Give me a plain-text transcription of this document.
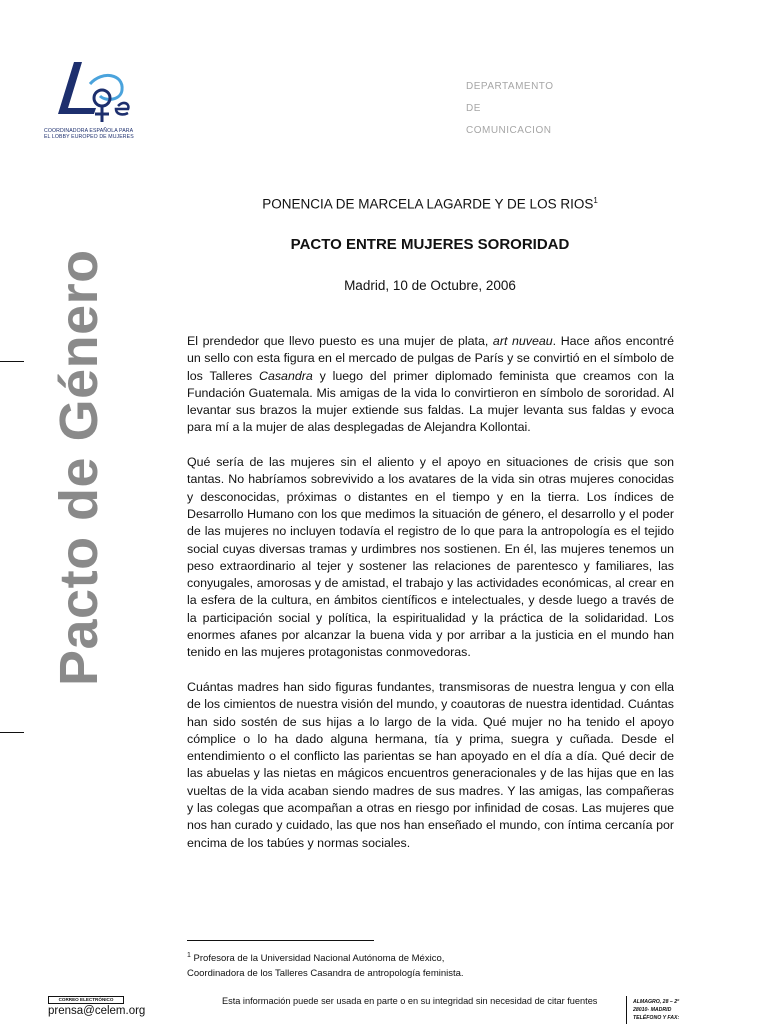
COORDINADORA ESPAÑOLA PARA
EL LOBBY EUROPEO DE MUJERES
DEPARTAMENTO
DE
COMUNICACION
Pacto de Género
PONENCIA DE MARCELA LAGARDE Y DE LOS RIOS$^1$
PACTO ENTRE MUJERES SORORIDAD
Madrid, 10 de Octubre, 2006

El prendedor que llevo puesto es una mujer de plata, art nuveau. Hace años encontré un sello con esta figura en el mercado de pulgas de París y se convirtió en el símbolo de los Talleres Casandra y luego del primer diplomado feminista que creamos con la Fundación Guatemala. Mis amigas de la vida lo convirtieron en símbolo de sororidad. Al levantar sus brazos la mujer extiende sus faldas. La mujer levanta sus faldas y evoca para mí a la mujer de alas desplegadas de Alejandra Kollontai.

Qué sería de las mujeres sin el aliento y el apoyo en situaciones de crisis que son tantas. No habríamos sobrevivido a los avatares de la vida sin otras mujeres conocidas y desconocidas, próximas o distantes en el tiempo y en la tierra. Los índices de Desarrollo Humano con los que medimos la situación de género, el desarrollo y el poder de las mujeres no incluyen todavía el registro de lo que para la antropología es el tejido social cuyas diversas tramas y urdimbres nos sostienen. En él, las mujeres tenemos un peso extraordinario al tejer y sostener las relaciones de parentesco y familiares, las conyugales, amorosas y de amistad, el trabajo y las actividades económicas, al crear en la esfera de la cultura, en ámbitos científicos e intelectuales, y desde luego a través de la participación social y política, la espiritualidad y la práctica de la solidaridad. Los enormes afanes por alcanzar la buena vida y por arribar a la justicia en el mundo han tenido en las mujeres protagonistas conmovedoras.

Cuántas madres han sido figuras fundantes, transmisoras de nuestra lengua y con ella de los cimientos de nuestra visión del mundo, y coautoras de nuestra identidad. Cuántas han sido sostén de sus hijas a lo largo de la vida. Qué mujer no ha tenido el apoyo cómplice o lo ha dado alguna hermana, tía y prima, suegra y cuñada. Desde el entendimiento o el conflicto las parientas se han apoyado en el día a día. Qué decir de las abuelas y las nietas en mágicos encuentros generacionales y de las hijas que en las vueltas de la vida acaban siendo madres de sus madres. Y las amigas, las compañeras y las colegas que acompañan a otras en riesgo por infinidad de cosas. Las mujeres que nos han curado y cuidado, las que nos han enseñado el mundo, con íntima cercanía por encima de los tabúes y normas sociales.

$^1$ Profesora de la Universidad Nacional Autónoma de México,
Coordinadora de los Talleres Casandra de antropología feminista.
CORREO ELECTRÓNICO
prensa@celem.org
Esta información puede ser usada en parte o en su integridad sin necesidad de citar fuentes	ALMAGRO, 28 – 2º
28010- MADRID
TELÉFONO Y FAX:
